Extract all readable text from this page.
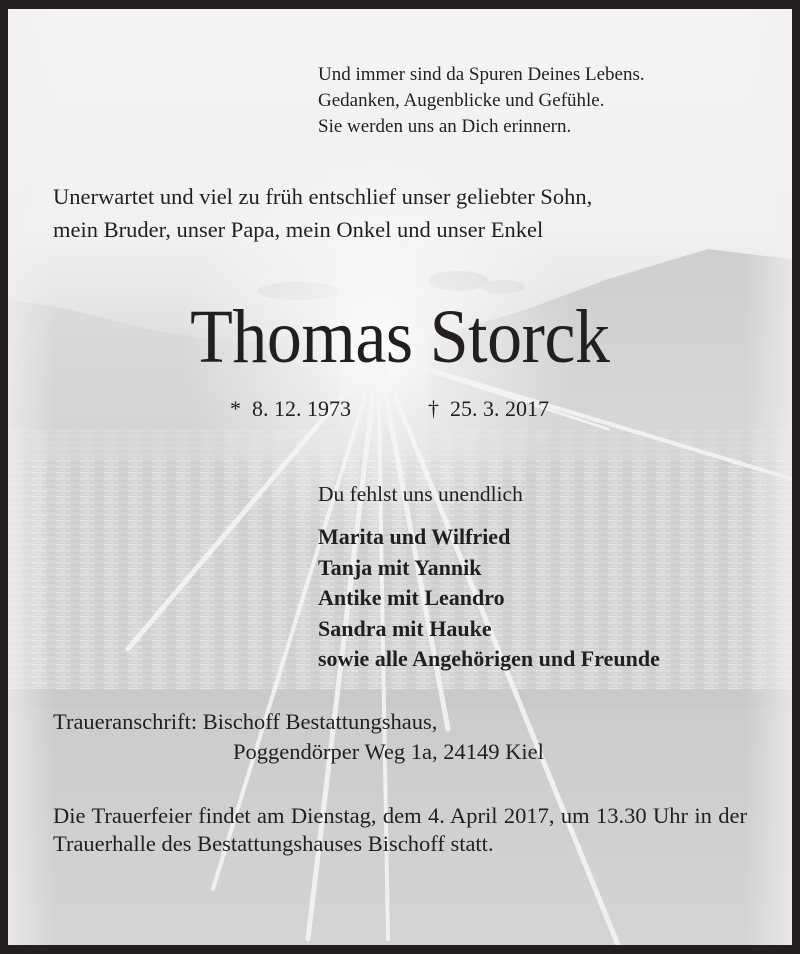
Und immer sind da Spuren Deines Lebens.
Gedanken, Augenblicke und Gefühle.
Sie werden uns an Dich erinnern.
Unerwartet und viel zu früh entschlief unser geliebter Sohn,
mein Bruder, unser Papa, mein Onkel und unser Enkel
Thomas Storck
* 8. 12. 1973	† 25. 3. 2017
Du fehlst uns unendlich
Marita und Wilfried
Tanja mit Yannik
Antike mit Leandro
Sandra mit Hauke
sowie alle Angehörigen und Freunde
Traueranschrift: Bischoff Bestattungshaus,
Poggendörper Weg 1a, 24149 Kiel
Die Trauerfeier findet am Dienstag, dem 4. April 2017, um 13.30 Uhr in der Trauerhalle des Bestattungshauses Bischoff statt.
